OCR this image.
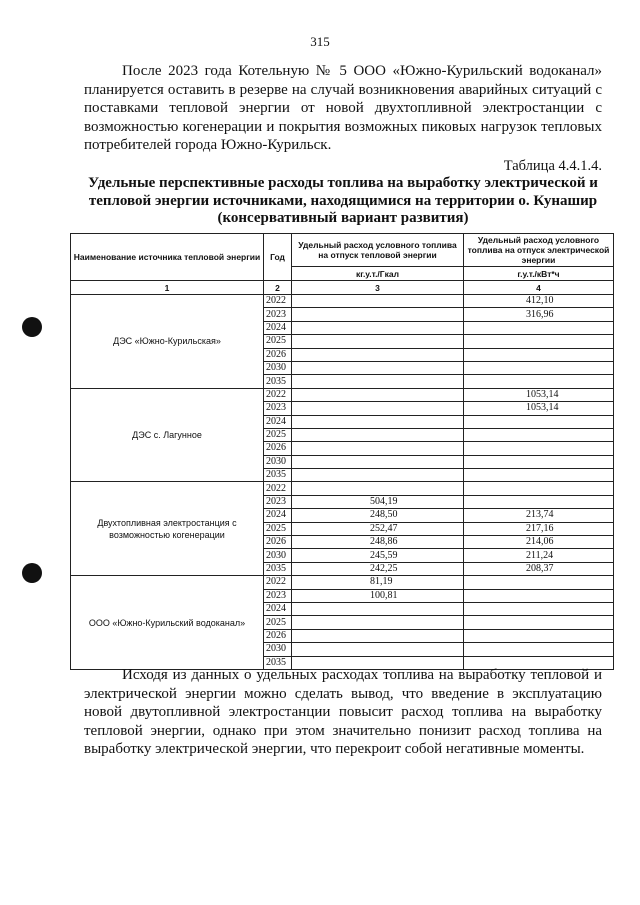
315

После 2023 года Котельную № 5 ООО «Южно-Курильский водоканал» планируется оставить в резерве на случай возникновения аварийных ситуаций с поставками тепловой энергии от новой двухтопливной электростанции с возможностью когенерации и покрытия возможных пиковых нагрузок тепловых потребителей города Южно-Курильск.

Таблица 4.4.1.4.

Удельные перспективные расходы топлива на выработку электрической и тепловой энергии источниками, находящимися на территории о. Кунашир (консервативный вариант развития)

Наименование источника тепловой энергии	Год	Удельный расход условного топлива на отпуск тепловой энергии	Удельный расход условного топлива на отпуск электрической энергии
		кг.у.т./Гкал	г.у.т./кВт*ч
1	2	3	4
ДЭС «Южно-Курильская»	2022		412,10
	2023		316,96
	2024		
	2025		
	2026		
	2030		
	2035		
ДЭС с. Лагунное	2022		1053,14
	2023		1053,14
	2024		
	2025		
	2026		
	2030		
	2035		
Двухтопливная электростанция с возможностью когенерации	2022		
	2023	504,19	
	2024	248,50	213,74
	2025	252,47	217,16
	2026	248,86	214,06
	2030	245,59	211,24
	2035	242,25	208,37
ООО «Южно-Курильский водоканал»	2022	81,19	
	2023	100,81	
	2024		
	2025		
	2026		
	2030		
	2035		

Исходя из данных о удельных расходах топлива на выработку тепловой и электрической энергии можно сделать вывод, что введение в эксплуатацию новой двутопливной электростанции повысит расход топлива на выработку тепловой энергии, однако при этом значительно понизит расход топлива на выработку электрической энергии, что перекроит собой негативные моменты.
